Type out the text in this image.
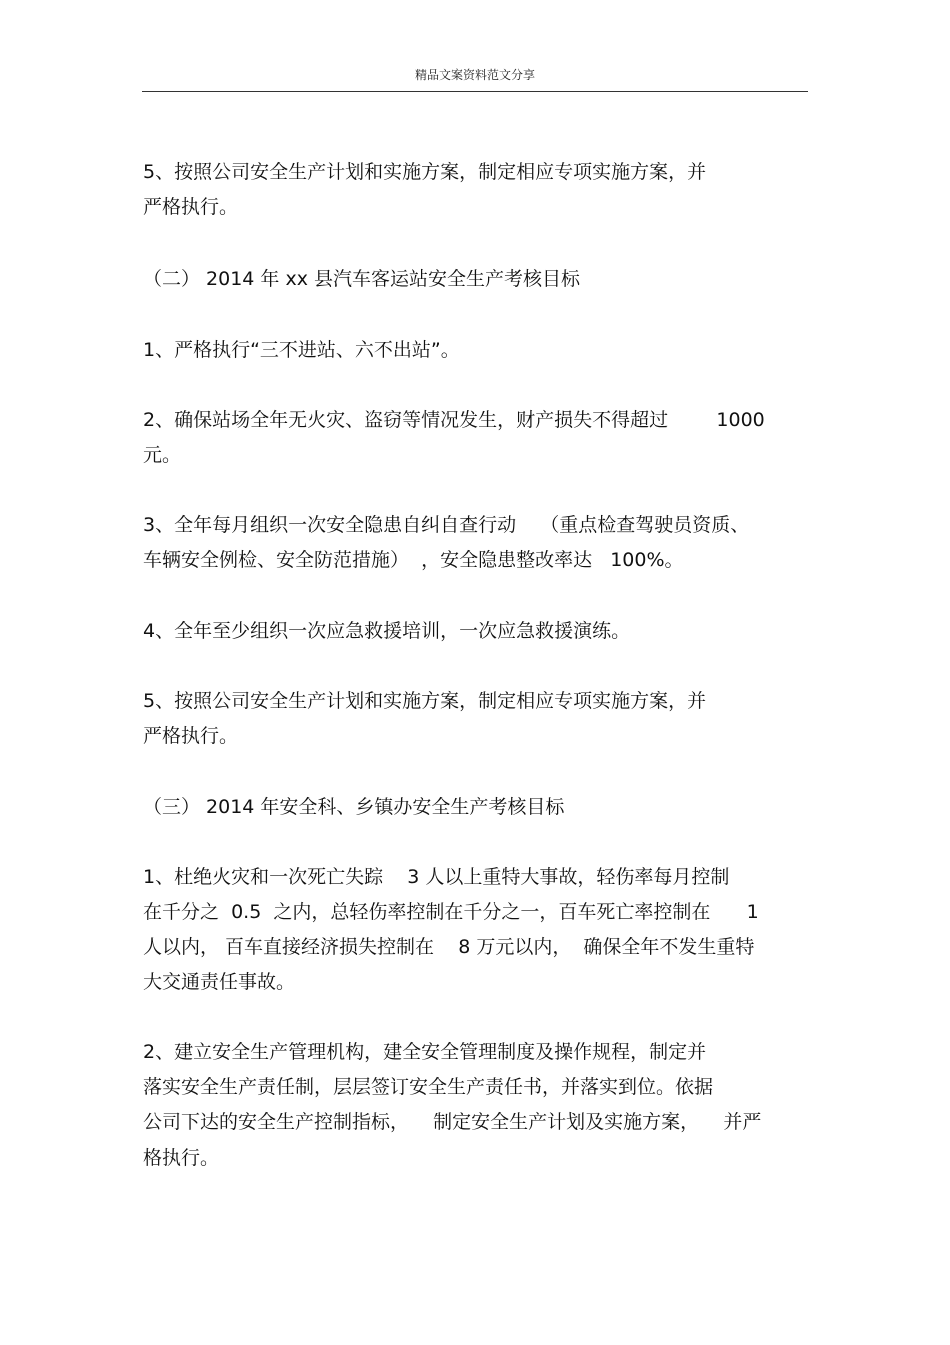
精品文案资料范文分享
5、按照公司安全生产计划和实施方案，制定相应专项实施方案，并
严格执行。
（二） 2014 年 xx 县汽车客运站安全生产考核目标
1、严格执行“三不进站、六不出站”。
2、确保站场全年无火灾、盗窃等情况发生，财产损失不得超过        1000
元。
3、全年每月组织一次安全隐患自纠自查行动    （重点检查驾驶员资质、
车辆安全例检、安全防范措施）  ，安全隐患整改率达   100%。
4、全年至少组织一次应急救援培训，一次应急救援演练。
5、按照公司安全生产计划和实施方案，制定相应专项实施方案，并
严格执行。
（三） 2014 年安全科、乡镇办安全生产考核目标
1、杜绝火灾和一次死亡失踪    3 人以上重特大事故，轻伤率每月控制
在千分之  0.5  之内，总轻伤率控制在千分之一，百车死亡率控制在      1
人以内， 百车直接经济损失控制在    8 万元以内，  确保全年不发生重特
大交通责任事故。
2、建立安全生产管理机构，建全安全管理制度及操作规程，制定并
落实安全生产责任制，层层签订安全生产责任书，并落实到位。依据
公司下达的安全生产控制指标，    制定安全生产计划及实施方案，    并严
格执行。
